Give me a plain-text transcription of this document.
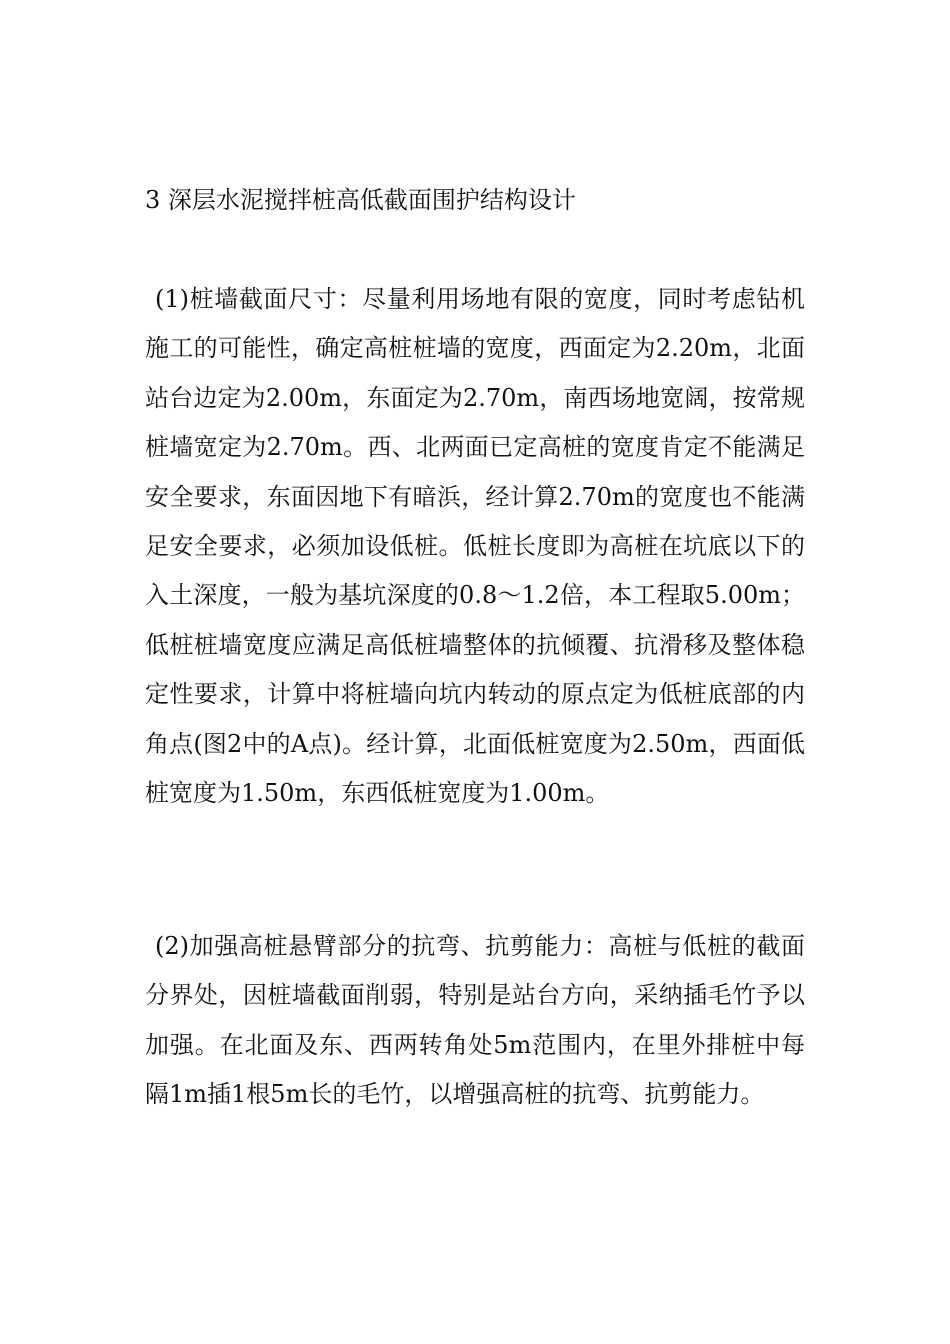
3 深层水泥搅拌桩高低截面围护结构设计

(1)桩墙截面尺寸：尽量利用场地有限的宽度，同时考虑钻机施工的可能性，确定高桩桩墙的宽度，西面定为2.20m，北面站台边定为2.00m，东面定为2.70m，南西场地宽阔，按常规桩墙宽定为2.70m。西、北两面已定高桩的宽度肯定不能满足安全要求，东面因地下有暗浜，经计算2.70m的宽度也不能满足安全要求，必须加设低桩。低桩长度即为高桩在坑底以下的入土深度，一般为基坑深度的0.8～1.2倍，本工程取5.00m；低桩桩墙宽度应满足高低桩墙整体的抗倾覆、抗滑移及整体稳定性要求，计算中将桩墙向坑内转动的原点定为低桩底部的内角点(图2中的A点)。经计算，北面低桩宽度为2.50m，西面低桩宽度为1.50m，东西低桩宽度为1.00m。

(2)加强高桩悬臂部分的抗弯、抗剪能力：高桩与低桩的截面分界处，因桩墙截面削弱，特别是站台方向，采纳插毛竹予以加强。在北面及东、西两转角处5m范围内，在里外排桩中每隔1m插1根5m长的毛竹，以增强高桩的抗弯、抗剪能力。
